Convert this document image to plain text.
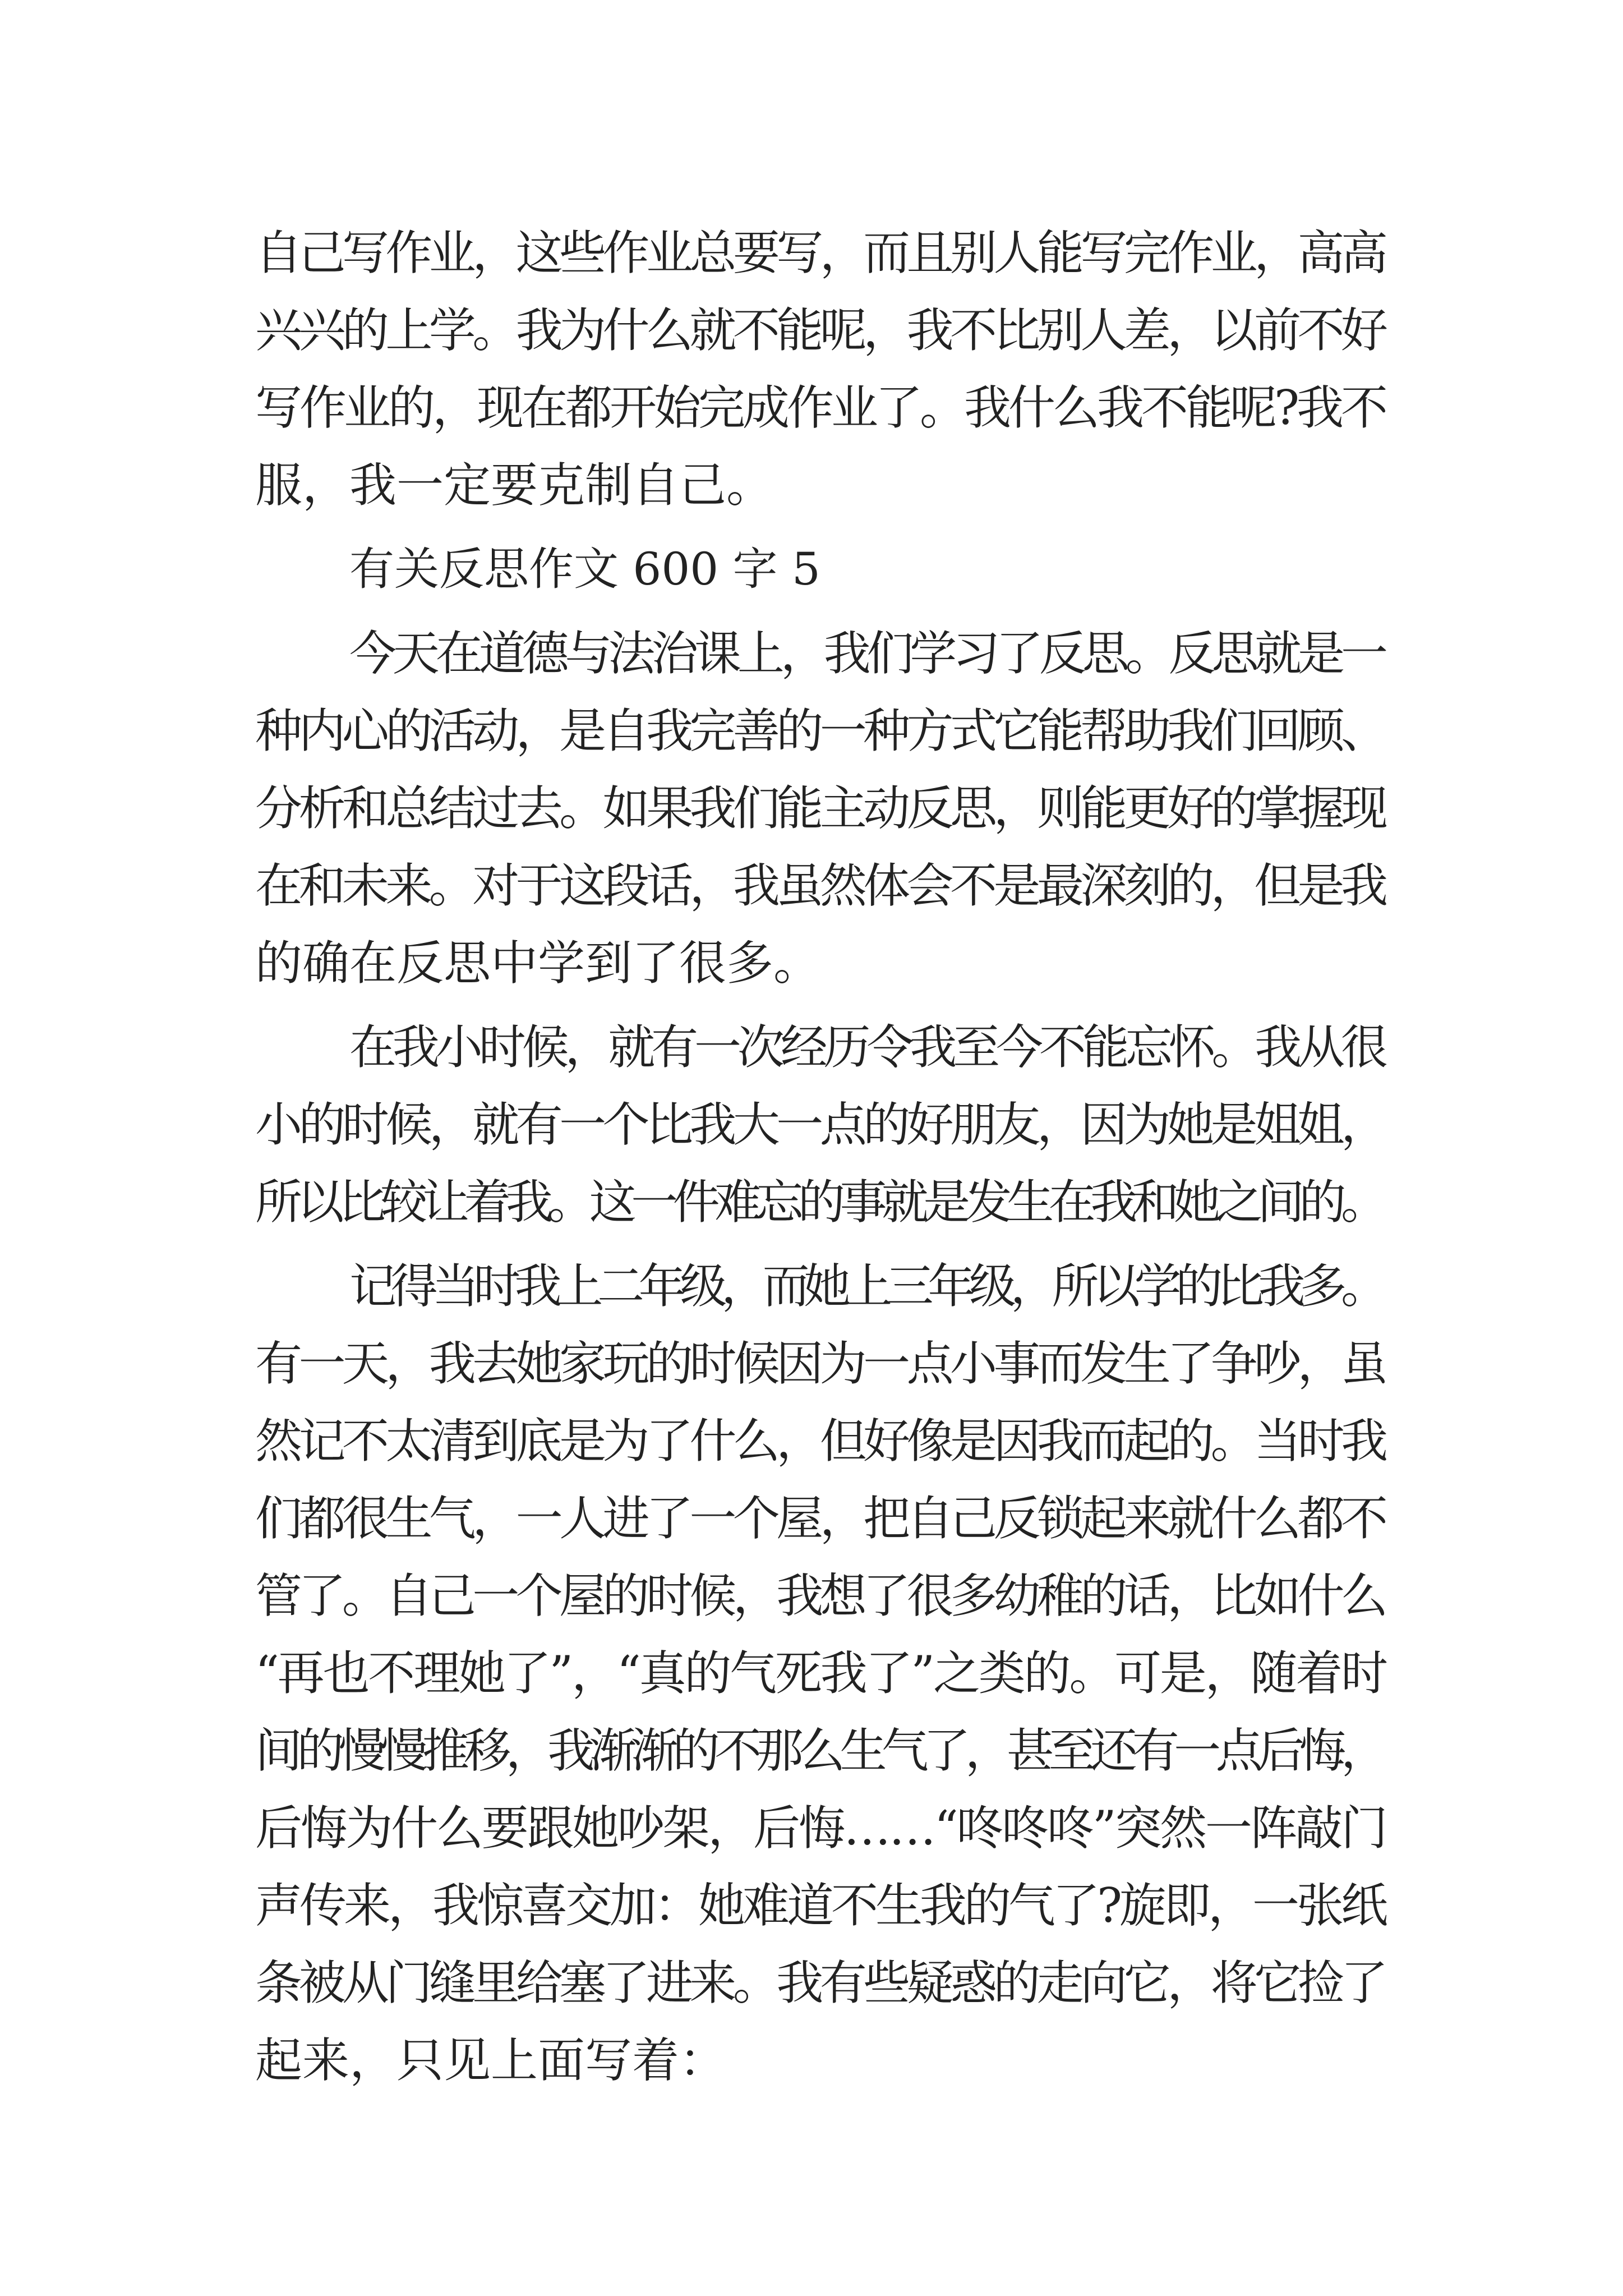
自己写作业，这些作业总要写，而且别人能写完作业，高高
兴兴的上学。我为什么就不能呢，我不比别人差，以前不好
写作业的，现在都开始完成作业了。我什么我不能呢?我不
服，我一定要克制自己。
有关反思作文 600 字 5
今天在道德与法治课上，我们学习了反思。反思就是一
种内心的活动，是自我完善的一种方式它能帮助我们回顾、
分析和总结过去。如果我们能主动反思，则能更好的掌握现
在和未来。对于这段话，我虽然体会不是最深刻的，但是我
的确在反思中学到了很多。
在我小时候，就有一次经历令我至今不能忘怀。我从很
小的时候，就有一个比我大一点的好朋友，因为她是姐姐，
所以比较让着我。这一件难忘的事就是发生在我和她之间的。
记得当时我上二年级，而她上三年级，所以学的比我多。
有一天，我去她家玩的时候因为一点小事而发生了争吵，虽
然记不太清到底是为了什么，但好像是因我而起的。当时我
们都很生气，一人进了一个屋，把自己反锁起来就什么都不
管了。自己一个屋的时候，我想了很多幼稚的话，比如什么
“再也不理她了”，“真的气死我了”之类的。可是，随着时
间的慢慢推移，我渐渐的不那么生气了，甚至还有一点后悔，
后悔为什么要跟她吵架，后悔……“咚咚咚”突然一阵敲门
声传来，我惊喜交加：她难道不生我的气了?旋即，一张纸
条被从门缝里给塞了进来。我有些疑惑的走向它，将它捡了
起来，只见上面写着：
